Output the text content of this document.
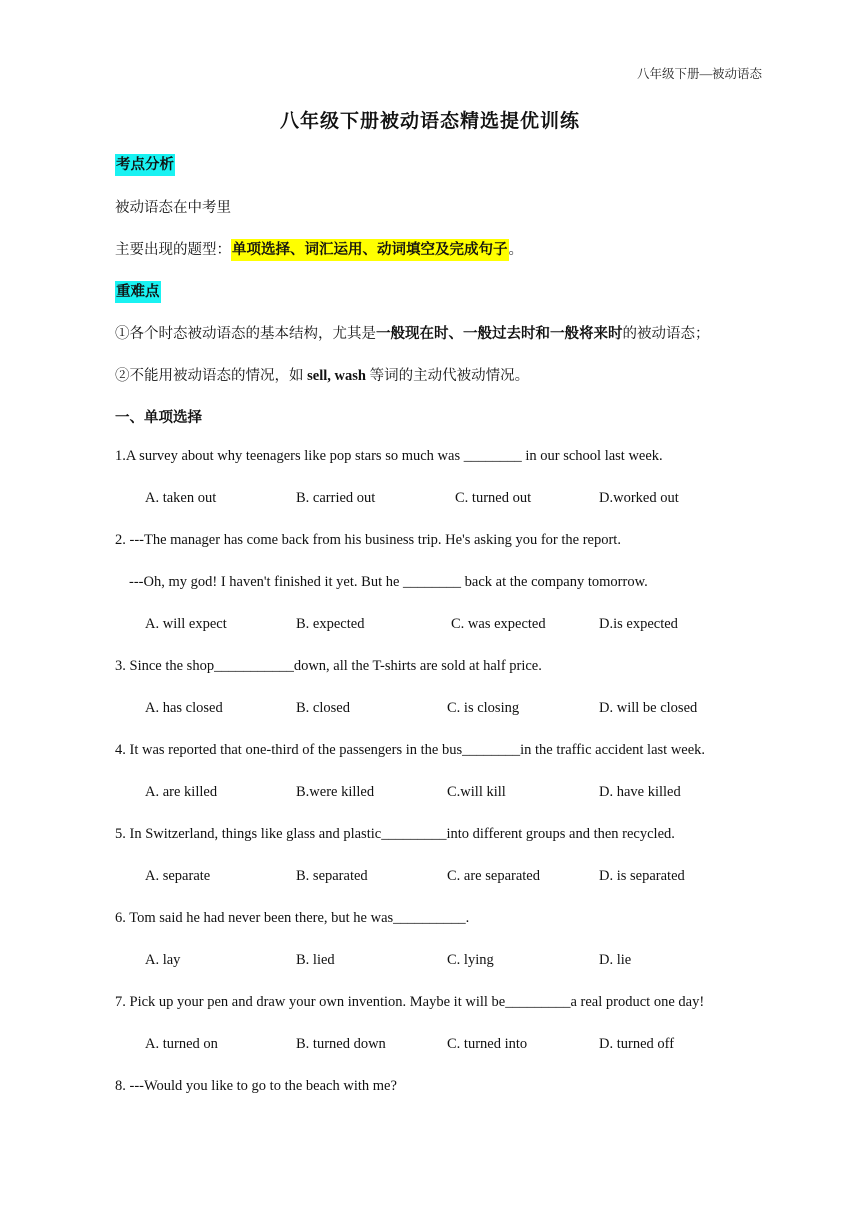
八年级下册—被动语态
八年级下册被动语态精选提优训练
考点分析
被动语态在中考里
主要出现的题型：单项选择、词汇运用、动词填空及完成句子。
重难点
①各个时态被动语态的基本结构，尤其是一般现在时、一般过去时和一般将来时的被动语态；
②不能用被动语态的情况，如 sell, wash 等词的主动代被动情况。
一、单项选择
1.A survey about why teenagers like pop stars so much was ________ in our school last week.
A. taken out	B. carried out	C. turned out	D.worked out
2. ---The manager has come back from his business trip. He's asking you for the report.
---Oh, my god! I haven't finished it yet. But he ________ back at the company tomorrow.
A. will expect	B. expected	C. was expected	D.is expected
3. Since the shop___________down, all the T-shirts are sold at half price.
A. has closed	B. closed	C. is closing	D. will be closed
4. It was reported that one-third of the passengers in the bus________in the traffic accident last week.
A. are killed	B.were killed	C.will kill	D. have killed
5. In Switzerland, things like glass and plastic_________into different groups and then recycled.
A. separate	B. separated	C. are separated	D. is separated
6. Tom said he had never been there, but he was__________.
A. lay	B. lied	C. lying	D. lie
7. Pick up your pen and draw your own invention. Maybe it will be_________a real product one day!
A. turned on	B. turned down	C. turned into	D. turned off
8. ---Would you like to go to the beach with me?
